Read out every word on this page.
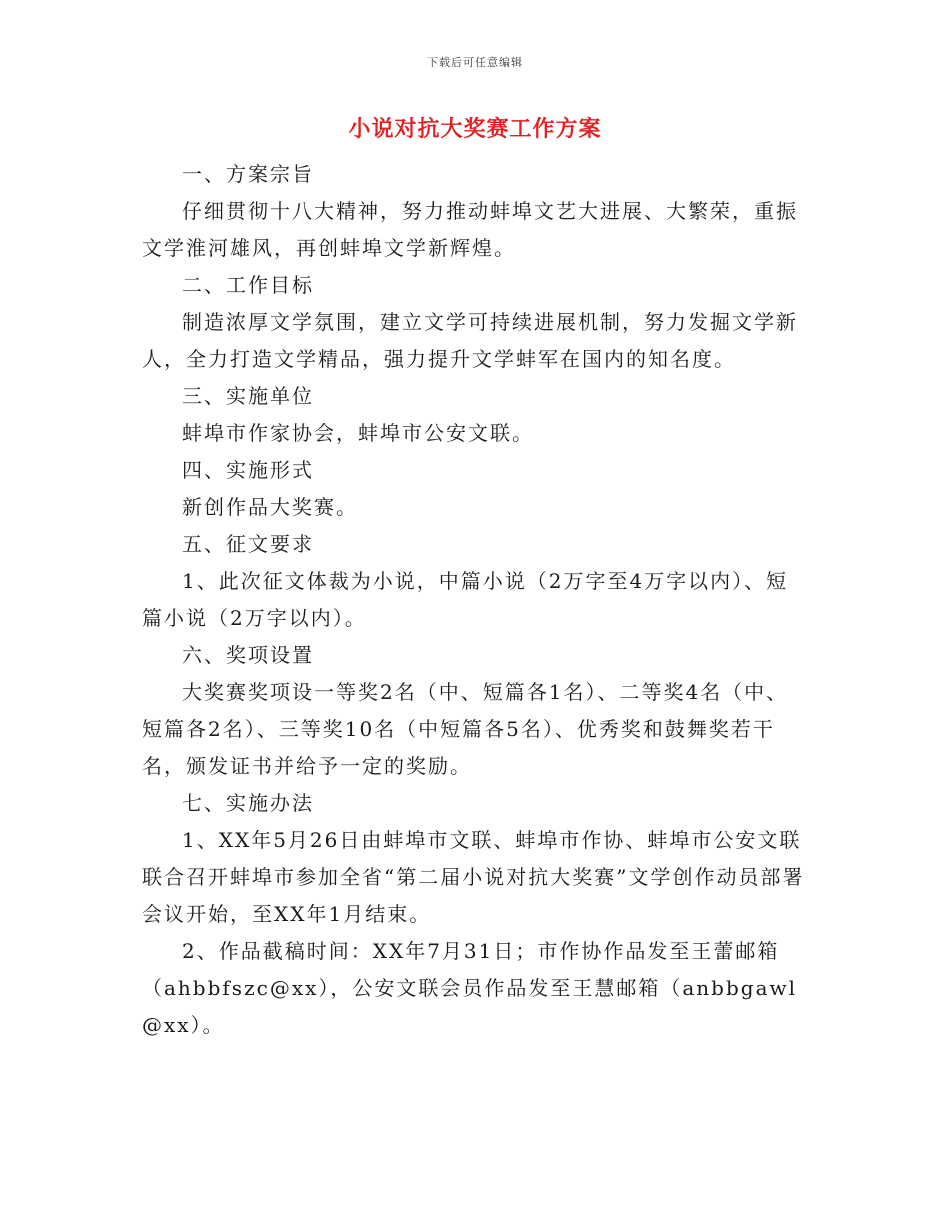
下载后可任意编辑
小说对抗大奖赛工作方案

一、方案宗旨

仔细贯彻十八大精神，努力推动蚌埠文艺大进展、大繁荣，重振文学淮河雄风，再创蚌埠文学新辉煌。

二、工作目标

制造浓厚文学氛围，建立文学可持续进展机制，努力发掘文学新人，全力打造文学精品，强力提升文学蚌军在国内的知名度。

三、实施单位

蚌埠市作家协会，蚌埠市公安文联。

四、实施形式

新创作品大奖赛。

五、征文要求

1、此次征文体裁为小说，中篇小说（2万字至4万字以内）、短篇小说（2万字以内）。

六、奖项设置

大奖赛奖项设一等奖2名（中、短篇各1名）、二等奖4名（中、短篇各2名）、三等奖10名（中短篇各5名）、优秀奖和鼓舞奖若干名，颁发证书并给予一定的奖励。

七、实施办法

1、XX年5月26日由蚌埠市文联、蚌埠市作协、蚌埠市公安文联联合召开蚌埠市参加全省“第二届小说对抗大奖赛”文学创作动员部署会议开始，至XX年1月结束。

2、作品截稿时间：XX年7月31日；市作协作品发至王蕾邮箱（ahbbfszc@xx），公安文联会员作品发至王慧邮箱（anbbgawl@xx）。
